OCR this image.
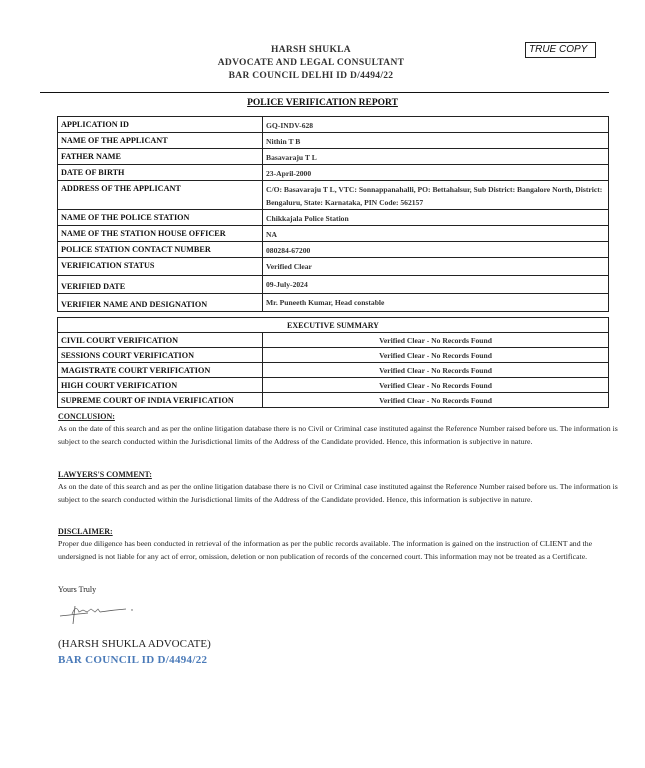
HARSH SHUKLA
ADVOCATE AND LEGAL CONSULTANT
BAR COUNCIL DELHI ID D/4494/22
TRUE COPY
POLICE VERIFICATION REPORT
APPLICATION ID	GQ-INDV-628
NAME OF THE APPLICANT	Nithin T B
FATHER NAME	Basavaraju T L
DATE OF BIRTH	23-April-2000
ADDRESS OF THE APPLICANT	C/O: Basavaraju T L, VTC: Sonnappanahalli, PO: Bettahalsur, Sub District: Bangalore North, District: Bengaluru, State: Karnataka, PIN Code: 562157
NAME OF THE POLICE STATION	Chikkajala Police Station
NAME OF THE STATION HOUSE OFFICER	NA
POLICE STATION CONTACT NUMBER	080284-67200
VERIFICATION STATUS	Verified Clear
VERIFIED DATE	09-July-2024
VERIFIER NAME AND DESIGNATION	Mr. Puneeth Kumar, Head constable
EXECUTIVE SUMMARY	
CIVIL COURT VERIFICATION	Verified Clear - No Records Found
SESSIONS COURT VERIFICATION	Verified Clear - No Records Found
MAGISTRATE COURT VERIFICATION	Verified Clear - No Records Found
HIGH COURT VERIFICATION	Verified Clear - No Records Found
SUPREME COURT OF INDIA VERIFICATION	Verified Clear - No Records Found
CONCLUSION:
As on the date of this search and as per the online litigation database there is no Civil or Criminal case instituted against the Reference Number raised before us. The information is subject to the search conducted within the Jurisdictional limits of the Address of the Candidate provided. Hence, this information is subjective in nature.
LAWYERS'S COMMENT:
As on the date of this search and as per the online litigation database there is no Civil or Criminal case instituted against the Reference Number raised before us. The information is subject to the search conducted within the Jurisdictional limits of the Address of the Candidate provided. Hence, this information is subjective in nature.
DISCLAIMER:
Proper due diligence has been conducted in retrieval of the information as per the public records available. The information is gained on the instruction of CLIENT and the undersigned is not liable for any act of error, omission, deletion or non publication of records of the concerned court. This information may not be treated as a Certificate.
Yours Truly
(HARSH SHUKLA ADVOCATE)
BAR COUNCIL ID D/4494/22
